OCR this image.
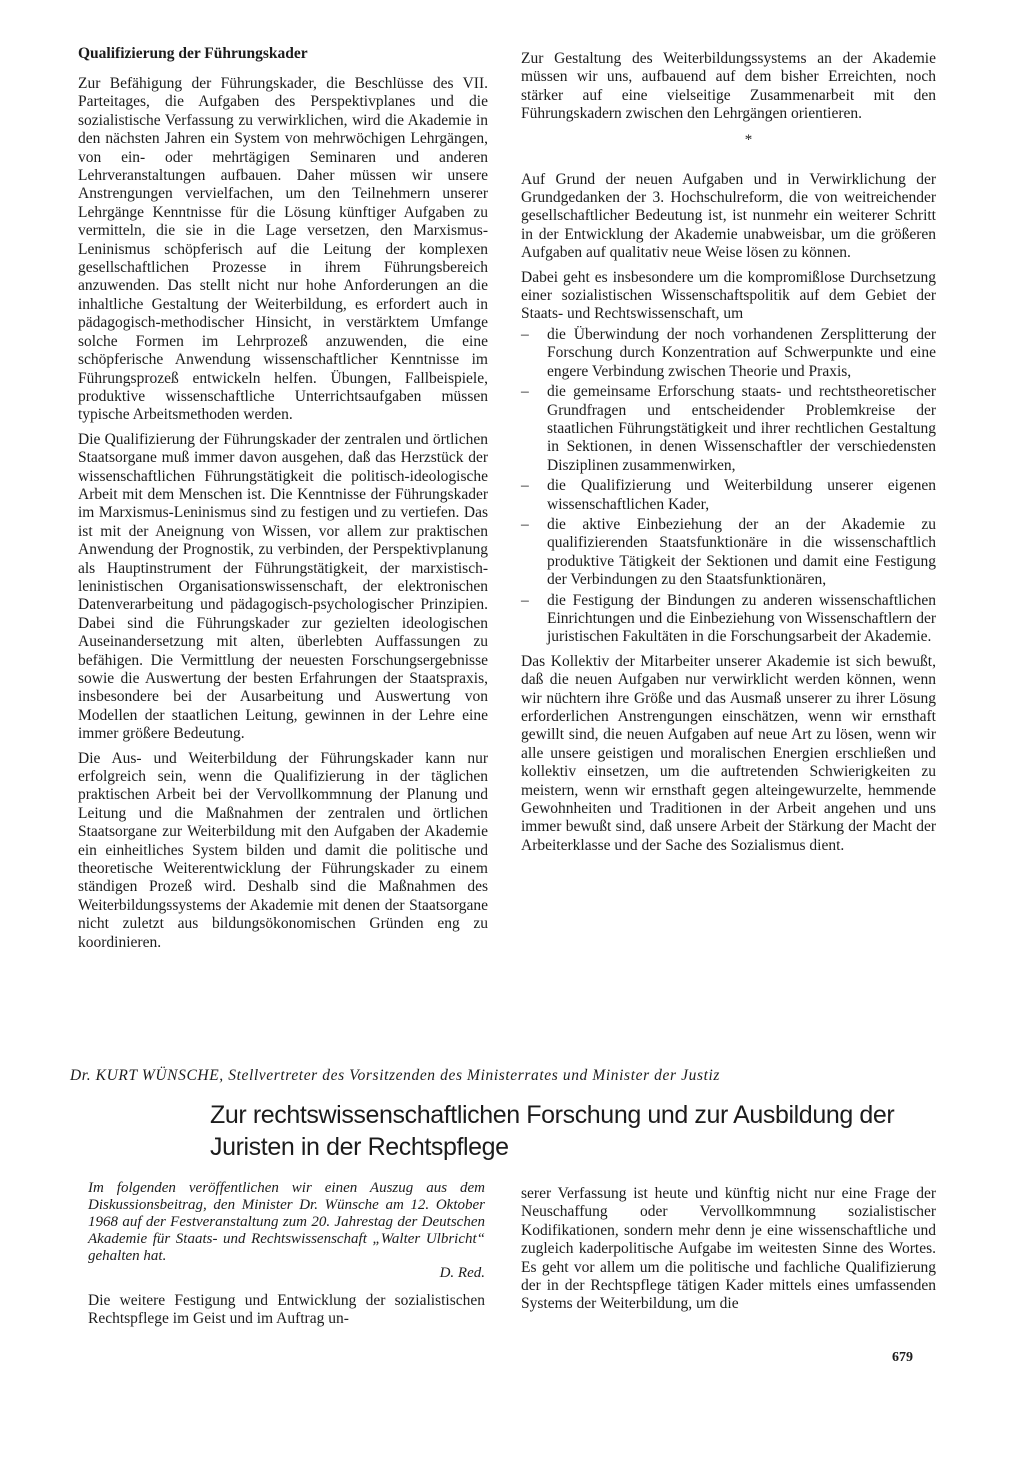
Qualifizierung der Führungskader

Zur Befähigung der Führungskader, die Beschlüsse des VII. Parteitages, die Aufgaben des Perspektivplanes und die sozialistische Verfassung zu verwirklichen, wird die Akademie in den nächsten Jahren ein System von mehrwöchigen Lehrgängen, von ein- oder mehrtägigen Seminaren und anderen Lehrveranstaltungen aufbauen. Daher müssen wir unsere Anstrengungen vervielfachen, um den Teilnehmern unserer Lehrgänge Kenntnisse für die Lösung künftiger Aufgaben zu vermitteln, die sie in die Lage versetzen, den Marxismus-Leninismus schöpferisch auf die Leitung der komplexen gesellschaftlichen Prozesse in ihrem Führungsbereich anzuwenden. Das stellt nicht nur hohe Anforderungen an die inhaltliche Gestaltung der Weiterbildung, es erfordert auch in pädagogisch-methodischer Hinsicht, in verstärktem Umfange solche Formen im Lehrprozeß anzuwenden, die eine schöpferische Anwendung wissenschaftlicher Kenntnisse im Führungsprozeß entwickeln helfen. Übungen, Fallbeispiele, produktive wissenschaftliche Unterrichtsaufgaben müssen typische Arbeitsmethoden werden.

Die Qualifizierung der Führungskader der zentralen und örtlichen Staatsorgane muß immer davon ausgehen, daß das Herzstück der wissenschaftlichen Führungstätigkeit die politisch-ideologische Arbeit mit dem Menschen ist. Die Kenntnisse der Führungskader im Marxismus-Leninismus sind zu festigen und zu vertiefen. Das ist mit der Aneignung von Wissen, vor allem zur praktischen Anwendung der Prognostik, zu verbinden, der Perspektivplanung als Hauptinstrument der Führungstätigkeit, der marxistisch-leninistischen Organisationswissenschaft, der elektronischen Datenverarbeitung und pädagogisch-psychologischer Prinzipien. Dabei sind die Führungskader zur gezielten ideologischen Auseinandersetzung mit alten, überlebten Auffassungen zu befähigen. Die Vermittlung der neuesten Forschungsergebnisse sowie die Auswertung der besten Erfahrungen der Staatspraxis, insbesondere bei der Ausarbeitung und Auswertung von Modellen der staatlichen Leitung, gewinnen in der Lehre eine immer größere Bedeutung.

Die Aus- und Weiterbildung der Führungskader kann nur erfolgreich sein, wenn die Qualifizierung in der täglichen praktischen Arbeit bei der Vervollkommnung der Planung und Leitung und die Maßnahmen der zentralen und örtlichen Staatsorgane zur Weiterbildung mit den Aufgaben der Akademie ein einheitliches System bilden und damit die politische und theoretische Weiterentwicklung der Führungskader zu einem ständigen Prozeß wird. Deshalb sind die Maßnahmen des Weiterbildungssystems der Akademie mit denen der Staatsorgane nicht zuletzt aus bildungsökonomischen Gründen eng zu koordinieren.

Zur Gestaltung des Weiterbildungssystems an der Akademie müssen wir uns, aufbauend auf dem bisher Erreichten, noch stärker auf eine vielseitige Zusammenarbeit mit den Führungskadern zwischen den Lehrgängen orientieren.

*

Auf Grund der neuen Aufgaben und in Verwirklichung der Grundgedanken der 3. Hochschulreform, die von weitreichender gesellschaftlicher Bedeutung ist, ist nunmehr ein weiterer Schritt in der Entwicklung der Akademie unabweisbar, um die größeren Aufgaben auf qualitativ neue Weise lösen zu können.

Dabei geht es insbesondere um die kompromißlose Durchsetzung einer sozialistischen Wissenschaftspolitik auf dem Gebiet der Staats- und Rechtswissenschaft, um

– die Überwindung der noch vorhandenen Zersplitterung der Forschung durch Konzentration auf Schwerpunkte und eine engere Verbindung zwischen Theorie und Praxis,
– die gemeinsame Erforschung staats- und rechtstheoretischer Grundfragen und entscheidender Problemkreise der staatlichen Führungstätigkeit und ihrer rechtlichen Gestaltung in Sektionen, in denen Wissenschaftler der verschiedensten Disziplinen zusammenwirken,
– die Qualifizierung und Weiterbildung unserer eigenen wissenschaftlichen Kader,
– die aktive Einbeziehung der an der Akademie zu qualifizierenden Staatsfunktionäre in die wissenschaftlich produktive Tätigkeit der Sektionen und damit eine Festigung der Verbindungen zu den Staatsfunktionären,
– die Festigung der Bindungen zu anderen wissenschaftlichen Einrichtungen und die Einbeziehung von Wissenschaftlern der juristischen Fakultäten in die Forschungsarbeit der Akademie.

Das Kollektiv der Mitarbeiter unserer Akademie ist sich bewußt, daß die neuen Aufgaben nur verwirklicht werden können, wenn wir nüchtern ihre Größe und das Ausmaß unserer zu ihrer Lösung erforderlichen Anstrengungen einschätzen, wenn wir ernsthaft gewillt sind, die neuen Aufgaben auf neue Art zu lösen, wenn wir alle unsere geistigen und moralischen Energien erschließen und kollektiv einsetzen, um die auftretenden Schwierigkeiten zu meistern, wenn wir ernsthaft gegen alteingewurzelte, hemmende Gewohnheiten und Traditionen in der Arbeit angehen und uns immer bewußt sind, daß unsere Arbeit der Stärkung der Macht der Arbeiterklasse und der Sache des Sozialismus dient.

Dr. KURT WÜNSCHE, Stellvertreter des Vorsitzenden des Ministerrates und Minister der Justiz
Zur rechtswissenschaftlichen Forschung und zur Ausbildung der Juristen in der Rechtspflege

Im folgenden veröffentlichen wir einen Auszug aus dem Diskussionsbeitrag, den Minister Dr. Wünsche am 12. Oktober 1968 auf der Festveranstaltung zum 20. Jahrestag der Deutschen Akademie für Staats- und Rechtswissenschaft „Walter Ulbricht“ gehalten hat.

D. Red.

Die weitere Festigung und Entwicklung der sozialistischen Rechtspflege im Geist und im Auftrag un-

serer Verfassung ist heute und künftig nicht nur eine Frage der Neuschaffung oder Vervollkommnung sozialistischer Kodifikationen, sondern mehr denn je eine wissenschaftliche und zugleich kaderpolitische Aufgabe im weitesten Sinne des Wortes. Es geht vor allem um die politische und fachliche Qualifizierung der in der Rechtspflege tätigen Kader mittels eines umfassenden Systems der Weiterbildung, um die

679
